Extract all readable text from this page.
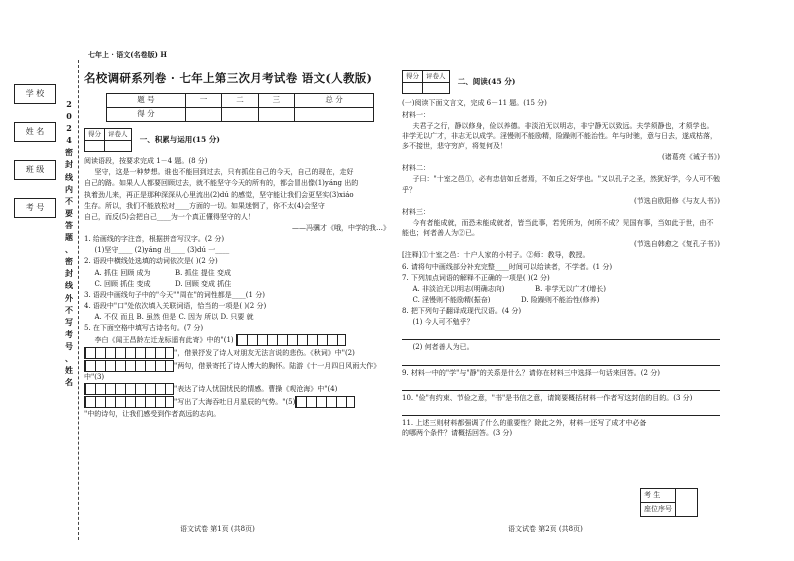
七年上 · 语文(名卷版) H
学 校
姓 名
班 级
考 号
2024 密 封 线 内 不 要 答 题 、 密 封 线 外 不 写 考 号 、 姓 名
名校调研系列卷 · 七年上第三次月考试卷 语文(人教版)
题 号	一	二	三	总 分
得 分				
得分	评卷人
	一、积累与运用(15 分)

阅读语段，按要求完成 1－4 题。(8 分)

坚守，这是一种梦想。谁也不能回到过去，只有抓住自己的今天，自己的现在，走好

自己的路。如果人人都要回顾过去，就不能坚守今天的所有的，都会冒出像(1)yáng 出的

执着劲儿来，再正是那种深深从心里流出(2)dú 的感觉，坚守能让我们会更坚实(3)xiáo

生存。所以，我们不能放松对____方面的一切。如果迷惘了，你不太(4)会坚守

自己，而反(5)会把自己____为一个真正懂得坚守的人！

——冯骥才《哦，中学的我…》

1. 给画线的字注音，根据拼音写汉字。(2 分)

(1)坚守____ (2)yáng 出____ (3)dú 一____

2. 语段中横线处选填的动词依次是( )(2 分)

A. 抓住 回顾 成为	B. 抓住 提住 变成

C. 回顾 抓住 变成	D. 回顾 变成 抓住

3. 语段中画线句子中的"今天""周在"的词性都是____(1 分)

4. 语段中"口"处依次填入关联词语，恰当的一项是( )(2 分)

A. 不仅 而且 B. 虽然 但是 C. 因为 所以 D. 只要 就

5. 在下面空格中填写古诗名句。(7 分)

李白《闻王昌龄左迁龙标遥有此寄》中的"(1)

"，借景抒发了诗人对朋友无法言说的悲伤。《秋词》中"(2)

"两句，借景寄托了诗人博大的胸怀。陆游《十一月四日风雨大作》中"(3)

"表达了诗人忧国忧民的情感。曹操《观沧海》中"(4)

"写出了大海吞吐日月星辰的气势。"(5)

"中的诗句，让我们感受到作者高远的志向。

语文试卷 第1页 (共8页)
得分	评卷人
	二、阅读(45 分)

(一)阅读下面文言文，完成 6－11 题。(15 分)

材料一：

夫君子之行，静以修身，俭以养德。非淡泊无以明志，非宁静无以致远。夫学须静也，才须学也。非学无以广才，非志无以成学。淫慢则不能励精，险躁则不能治性。年与时驰，意与日去，遂成枯落，多不接世，悲守穷庐，将复何及！

(诸葛亮《诫子书》)

材料二：

子曰："十室之邑①，必有忠信如丘者焉，不如丘之好学也。"又以孔子之圣，然犹好学，今人可不勉乎？

(节选自欧阳修《与友人书》)

材料三：

今有者能成就，而恐未能成就者，皆当此事，若凭所为，何所不成？见国有事，当如此于世，由不能也；何者善人为②已。

(节选自韩愈之《复孔子书》)

[注释]①十室之邑：十户人家的小村子。②师：教导，教授。

6. 请将句中画线部分补充完整____时间可以给读者，不学者。(1 分)

7. 下列加点词语的解释不正确的一项是( )(2 分)

A. 非淡泊无以明志(明确志向)	B. 非学无以广才(增长)

C. 淫慢则不能励精(振奋)	D. 险躁则不能治性(修养)

8. 把下列句子翻译成现代汉语。(4 分)

(1) 今人可不勉乎？

(2) 何者善人为已。

9. 材料一中的"学"与"静"的关系是什么？请你在材料三中选择一句话来回答。(2 分)

10. "俭"有约束、节俭之意，"书"是书信之意，请简要概括材料一作者写这封信的目的。(3 分)

11. 上述三则材料都强调了什么的重要性？除此之外，材料一还写了成才中必备的哪两个条件？请概括回答。(3 分)

考 生	
座位序号
语文试卷 第2页 (共8页)
